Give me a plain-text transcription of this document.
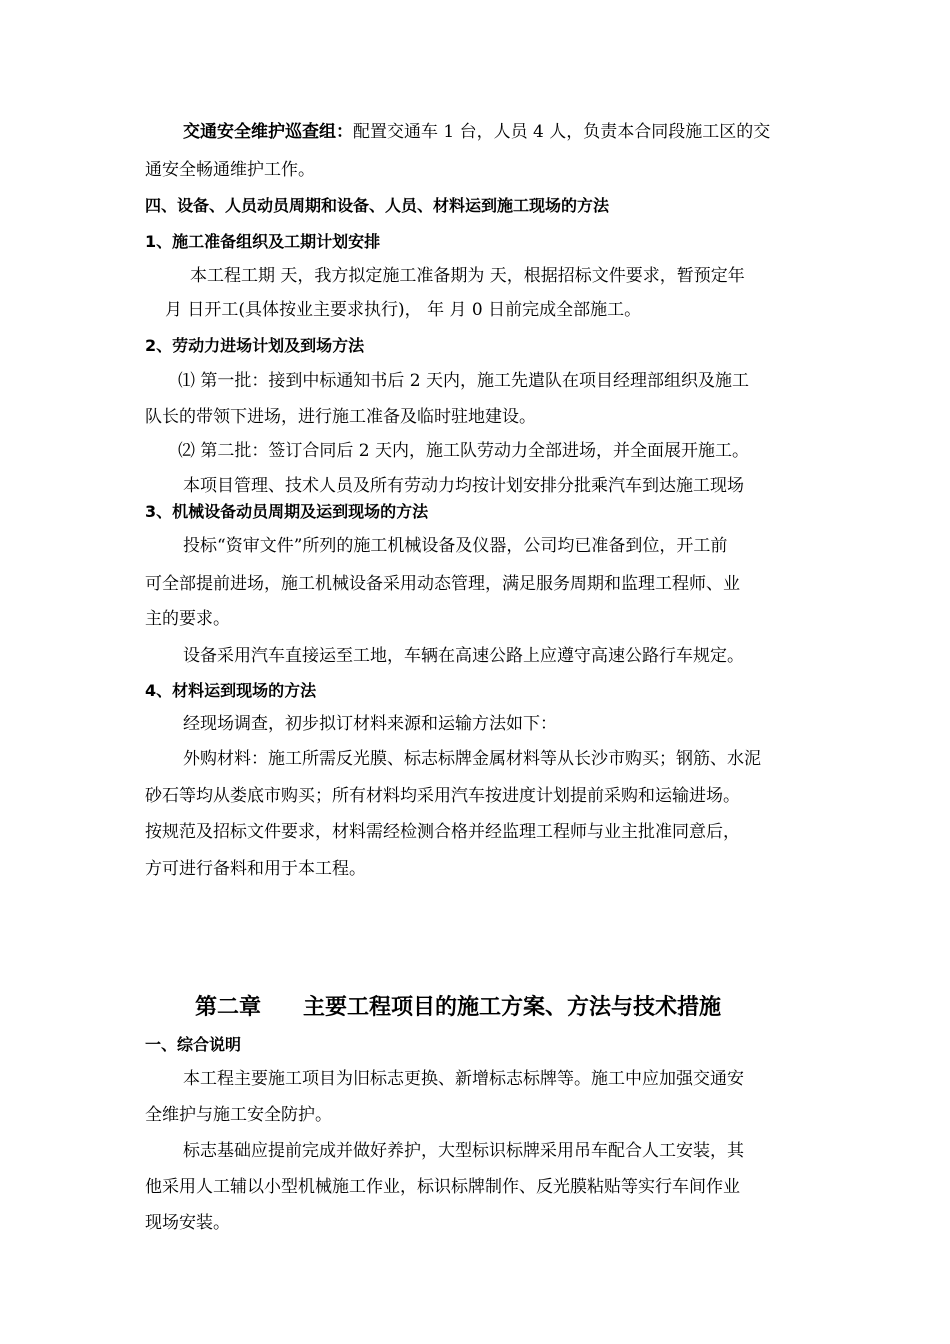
交通安全维护巡查组：配置交通车 1 台，人员 4 人，负责本合同段施工区的交
通安全畅通维护工作。
四、设备、人员动员周期和设备、人员、材料运到施工现场的方法
1、施工准备组织及工期计划安排
本工程工期 天，我方拟定施工准备期为 天，根据招标文件要求，暂预定年
月 日开工(具体按业主要求执行)， 年 月 0 日前完成全部施工。
2、劳动力进场计划及到场方法
⑴ 第一批：接到中标通知书后 2 天内，施工先遣队在项目经理部组织及施工
队长的带领下进场，进行施工准备及临时驻地建设。
⑵ 第二批：签订合同后 2 天内，施工队劳动力全部进场，并全面展开施工。
本项目管理、技术人员及所有劳动力均按计划安排分批乘汽车到达施工现场
3、机械设备动员周期及运到现场的方法
投标“资审文件”所列的施工机械设备及仪器，公司均已准备到位，开工前
可全部提前进场，施工机械设备采用动态管理，满足服务周期和监理工程师、业
主的要求。
设备采用汽车直接运至工地，车辆在高速公路上应遵守高速公路行车规定。
4、材料运到现场的方法
经现场调查，初步拟订材料来源和运输方法如下：
外购材料：施工所需反光膜、标志标牌金属材料等从长沙市购买；钢筋、水泥
砂石等均从娄底市购买；所有材料均采用汽车按进度计划提前采购和运输进场。
按规范及招标文件要求，材料需经检测合格并经监理工程师与业主批准同意后，
方可进行备料和用于本工程。
第二章 主要工程项目的施工方案、方法与技术措施
一、综合说明
本工程主要施工项目为旧标志更换、新增标志标牌等。施工中应加强交通安
全维护与施工安全防护。
标志基础应提前完成并做好养护，大型标识标牌采用吊车配合人工安装，其
他采用人工辅以小型机械施工作业，标识标牌制作、反光膜粘贴等实行车间作业
现场安装。
